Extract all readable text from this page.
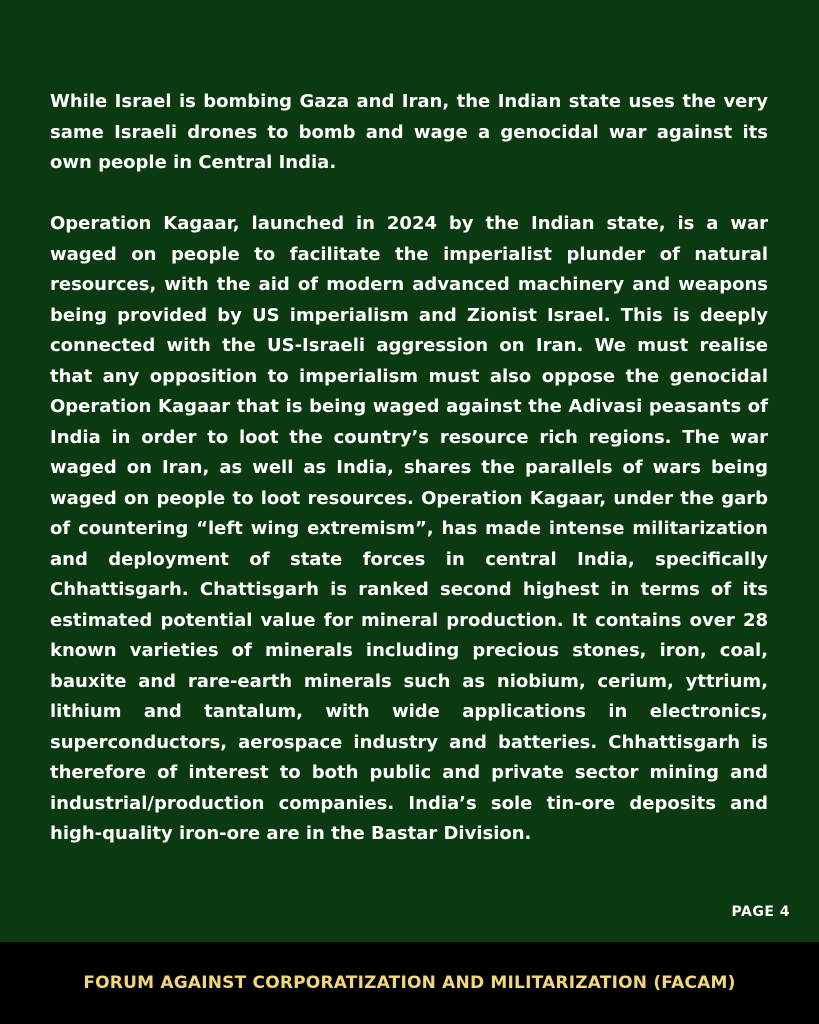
While Israel is bombing Gaza and Iran, the Indian state uses the very same Israeli drones to bomb and wage a genocidal war against its own people in Central India.

Operation Kagaar, launched in 2024 by the Indian state, is a war waged on people to facilitate the imperialist plunder of natural resources, with the aid of modern advanced machinery and weapons being provided by US imperialism and Zionist Israel. This is deeply connected with the US-Israeli aggression on Iran. We must realise that any opposition to imperialism must also oppose the genocidal Operation Kagaar that is being waged against the Adivasi peasants of India in order to loot the country’s resource rich regions. The war waged on Iran, as well as India, shares the parallels of wars being waged on people to loot resources. Operation Kagaar, under the garb of countering “left wing extremism”, has made intense militarization and deployment of state forces in central India, specifically Chhattisgarh. Chattisgarh is ranked second highest in terms of its estimated potential value for mineral production. It contains over 28 known varieties of minerals including precious stones, iron, coal, bauxite and rare-earth minerals such as niobium, cerium, yttrium, lithium and tantalum, with wide applications in electronics, superconductors, aerospace industry and batteries. Chhattisgarh is therefore of interest to both public and private sector mining and industrial/production companies. India’s sole tin-ore deposits and high-quality iron-ore are in the Bastar Division.

PAGE 4
FORUM AGAINST CORPORATIZATION AND MILITARIZATION (FACAM)
